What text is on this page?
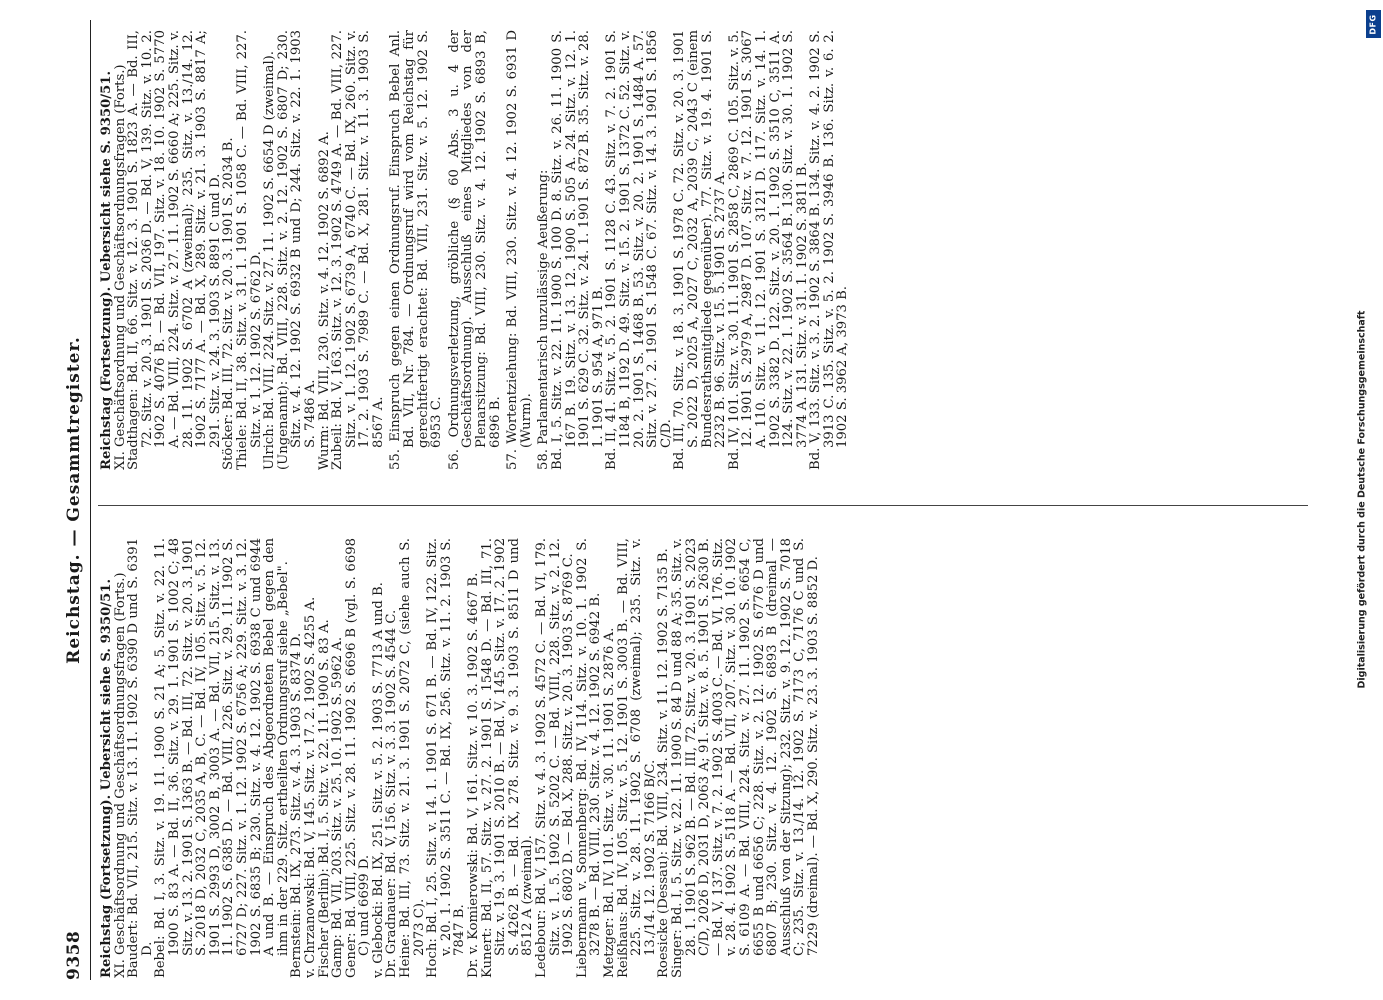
9358
Reichstag. — Gesammtregister.

Reichstag (Fortsetzung). Uebersicht siehe S. 9350/51.

XI. Geschäftsordnung und Geschäftsordnungsfragen (Forts.)

Baudert: Bd. VII, 215. Sitz. v. 13. 11. 1902 S. 6390 D und S. 6391 D.

Bebel: Bd. I, 3. Sitz. v. 19. 11. 1900 S. 21 A; 5. Sitz. v. 22. 11. 1900 S. 83 A. — Bd. II, 36. Sitz. v. 29. 1. 1901 S. 1002 C; 48 Sitz. v. 13. 2. 1901 S. 1363 B. — Bd. III, 72. Sitz. v. 20. 3. 1901 S. 2018 D, 2032 C, 2035 A, B, C. — Bd. IV, 105. Sitz. v. 5. 12. 1901 S. 2993 D, 3002 B, 3003 A. — Bd. VII, 215. Sitz. v. 13. 11. 1902 S. 6385 D. — Bd. VIII, 226. Sitz. v. 29. 11. 1902 S. 6727 D; 227. Sitz. v. 1. 12. 1902 S. 6756 A; 229. Sitz. v. 3. 12. 1902 S. 6835 B; 230. Sitz. v. 4. 12. 1902 S. 6938 C und 6944 A und B. — Einspruch des Abgeordneten Bebel gegen den ihm in der 229. Sitz. ertheilten Ordnungsruf siehe „Bebel".

Bernstein: Bd. IX, 273. Sitz. v. 4. 3. 1903 S. 8374 D.

v. Chrzanowski: Bd. V, 145. Sitz. v. 17. 2. 1902 S. 4255 A.

Fischer (Berlin): Bd. I, 5. Sitz. v. 22. 11. 1900 S. 83 A.

Gamp: Bd. VII, 203. Sitz. v. 25. 10. 1902 S. 5962 A.

Gener: Bd. VIII, 225. Sitz. v. 28. 11. 1902 S. 6696 B (vgl. S. 6698 C) und 6699 D.

v. Glebocki: Bd. IX, 251. Sitz. v. 5. 2. 1903 S. 7713 A und B.

Dr. Gradnauer: Bd. V, 156. Sitz. v. 3. 3. 1902 S. 4544 C.

Heine: Bd. III, 73. Sitz. v. 21. 3. 1901 S. 2072 C, (siehe auch S. 2073 C).

Hoch: Bd. I, 25. Sitz. v. 14. 1. 1901 S. 671 B. — Bd. IV, 122. Sitz. v. 20. 1. 1902 S. 3511 C. — Bd. IX, 256. Sitz. v. 11. 2. 1903 S. 7847 B.

Dr. v. Komierowski: Bd. V, 161. Sitz. v. 10. 3. 1902 S. 4667 B.

Kunert: Bd. II, 57. Sitz. v. 27. 2. 1901 S. 1548 D. — Bd. III, 71. Sitz. v. 19. 3. 1901 S. 2010 B. — Bd. V, 145. Sitz. v. 17. 2. 1902 S. 4262 B. — Bd. IX, 278. Sitz. v. 9. 3. 1903 S. 8511 D und 8512 A (zweimal).

Ledebour: Bd. V, 157. Sitz. v. 4. 3. 1902 S. 4572 C. — Bd. VI, 179. Sitz. v. 1. 5. 1902 S. 5202 C. — Bd. VIII, 228. Sitz. v. 2. 12. 1902 S. 6802 D. — Bd. X, 288. Sitz. v. 20. 3. 1903 S. 8769 C.

Liebermann v. Sonnenberg: Bd. IV, 114. Sitz. v. 10. 1. 1902 S. 3278 B. — Bd. VIII, 230. Sitz. v. 4. 12. 1902 S. 6942 B.

Metzger: Bd. IV, 101. Sitz. v. 30. 11. 1901 S. 2876 A.

Reißhaus: Bd. IV, 105. Sitz. v. 5. 12. 1901 S. 3003 B. — Bd. VIII, 225. Sitz. v. 28. 11. 1902 S. 6708 (zweimal); 235. Sitz. v. 13./14. 12. 1902 S. 7166 B/C.

Roesicke (Dessau): Bd. VIII, 234. Sitz. v. 11. 12. 1902 S. 7135 B.

Singer: Bd. I, 5. Sitz. v. 22. 11. 1900 S. 84 D und 88 A; 35. Sitz. v. 28. 1. 1901 S. 962 B. — Bd. III, 72. Sitz. v. 20. 3. 1901 S. 2023 C/D, 2026 D, 2031 D, 2063 A; 91. Sitz. v. 8. 5. 1901 S. 2630 B. — Bd. V, 137. Sitz. v. 7. 2. 1902 S. 4003 C. — Bd. VI, 176. Sitz. v. 28. 4. 1902 S. 5118 A. — Bd. VII, 207. Sitz. v. 30. 10. 1902 S. 6109 A. — Bd. VIII, 224. Sitz. v. 27. 11. 1902 S. 6654 C, 6655 B und 6656 C; 228. Sitz. v. 2. 12. 1902 S. 6776 D und 6807 B; 230. Sitz. v. 4. 12. 1902 S. 6893 B (dreimal — Ausschluß von der Sitzung); 232. Sitz. v. 9. 12. 1902 S. 7018 C; 235. Sitz. v. 13./14. 12. 1902 S. 7173 C, 7176 C und S. 7229 (dreimal). — Bd. X, 290. Sitz. v. 23. 3. 1903 S. 8852 D.

Reichstag (Fortsetzung). Uebersicht siehe S. 9350/51.

XI. Geschäftsordnung und Geschäftsordnungsfragen (Forts.)

Stadthagen: Bd. II, 66. Sitz. v. 12. 3. 1901 S. 1823 A. — Bd. III, 72. Sitz. v. 20. 3. 1901 S. 2036 D. — Bd. V, 139. Sitz. v. 10. 2. 1902 S. 4076 B. — Bd. VII, 197. Sitz. v. 18. 10. 1902 S. 5770 A. — Bd. VIII, 224. Sitz. v. 27. 11. 1902 S. 6660 A; 225. Sitz. v. 28. 11. 1902 S. 6702 A (zweimal); 235. Sitz. v. 13./14. 12. 1902 S. 7177 A. — Bd. X, 289. Sitz. v. 21. 3. 1903 S. 8817 A; 291. Sitz. v. 24. 3. 1903 S. 8891 C und D.

Stöcker: Bd. III, 72. Sitz. v. 20. 3. 1901 S. 2034 B.

Thiele: Bd. II, 38. Sitz. v. 31. 1. 1901 S. 1058 C. — Bd. VIII, 227. Sitz. v. 1. 12. 1902 S. 6762 D.

Ulrich: Bd. VIII, 224. Sitz. v. 27. 11. 1902 S. 6654 D (zweimal).

(Ungenannt): Bd. VIII, 228. Sitz. v. 2. 12. 1902 S. 6807 D; 230. Sitz. v. 4. 12. 1902 S. 6932 B und D; 244. Sitz. v. 22. 1. 1903 S. 7486 A.

Wurm: Bd. VIII, 230. Sitz. v. 4. 12. 1902 S. 6892 A.

Zubeil: Bd. V, 163. Sitz. v. 12. 3. 1902 S. 4749 A. — Bd. VIII, 227. Sitz. v. 1. 12. 1902 S. 6739 A, 6740 C. — Bd. IX, 260. Sitz. v. 17. 2. 1903 S. 7989 C. — Bd. X, 281. Sitz. v. 11. 3. 1903 S. 8567 A. 55. Einspruch gegen einen Ordnungsruf. Einspruch Bebel Anl. Bd. VII, Nr. 784. — Ordnungsruf wird vom Reichstag für gerechtfertigt erachtet: Bd. VIII, 231. Sitz. v. 5. 12. 1902 S. 6953 C. 56. Ordnungsverletzung, gröbliche (§ 60 Abs. 3 u. 4 der Geschäftsordnung). Ausschluß eines Mitgliedes von der Plenarsitzung: Bd. VIII, 230. Sitz. v. 4. 12. 1902 S. 6893 B, 6896 B. 57. Wortentziehung: Bd. VIII, 230. Sitz. v. 4. 12. 1902 S. 6931 D (Wurm). 58. Parlamentarisch unzulässige Aeußerung:

Bd. I, 5. Sitz. v. 22. 11. 1900 S. 100 D. 8. Sitz. v. 26. 11. 1900 S. 167 B. 19. Sitz. v. 13. 12. 1900 S. 505 A. 24. Sitz. v. 12. 1. 1901 S. 629 C. 32. Sitz. v. 24. 1. 1901 S. 872 B. 35. Sitz. v. 28. 1. 1901 S. 954 A, 971 B.

Bd. II, 41. Sitz. v. 5. 2. 1901 S. 1128 C. 43. Sitz. v. 7. 2. 1901 S. 1184 B, 1192 D. 49. Sitz. v. 15. 2. 1901 S. 1372 C. 52. Sitz. v. 20. 2. 1901 S. 1468 B. 53. Sitz. v. 20. 2. 1901 S. 1484 A. 57. Sitz. v. 27. 2. 1901 S. 1548 C. 67. Sitz. v. 14. 3. 1901 S. 1856 C/D.

Bd. III, 70. Sitz. v. 18. 3. 1901 S. 1978 C. 72. Sitz. v. 20. 3. 1901 S. 2022 D, 2025 A, 2027 C, 2032 A, 2039 C, 2043 C (einem Bundesrathsmitgliede gegenüber). 77. Sitz. v. 19. 4. 1901 S. 2232 B. 96. Sitz. v. 15. 5. 1901 S. 2737 A.

Bd. IV, 101. Sitz. v. 30. 11. 1901 S. 2858 C, 2869 C. 105. Sitz. v. 5. 12. 1901 S. 2979 A, 2987 D. 107. Sitz. v. 7. 12. 1901 S. 3067 A. 110. Sitz. v. 11. 12. 1901 S. 3121 D. 117. Sitz. v. 14. 1. 1902 S. 3382 D. 122. Sitz. v. 20. 1. 1902 S. 3510 C, 3511 A. 124. Sitz. v. 22. 1. 1902 S. 3564 B. 130. Sitz. v. 30. 1. 1902 S. 3774 A. 131. Sitz. v. 31. 1. 1902 S. 3811 B.

Bd. V, 133. Sitz. v. 3. 2. 1902 S. 3864 B. 134. Sitz. v. 4. 2. 1902 S. 3913 C. 135. Sitz. v. 5. 2. 1902 S. 3946 B. 136. Sitz. v. 6. 2. 1902 S. 3962 A, 3973 B.

DFG
Digitalisierung gefördert durch die Deutsche Forschungsgemeinschaft
